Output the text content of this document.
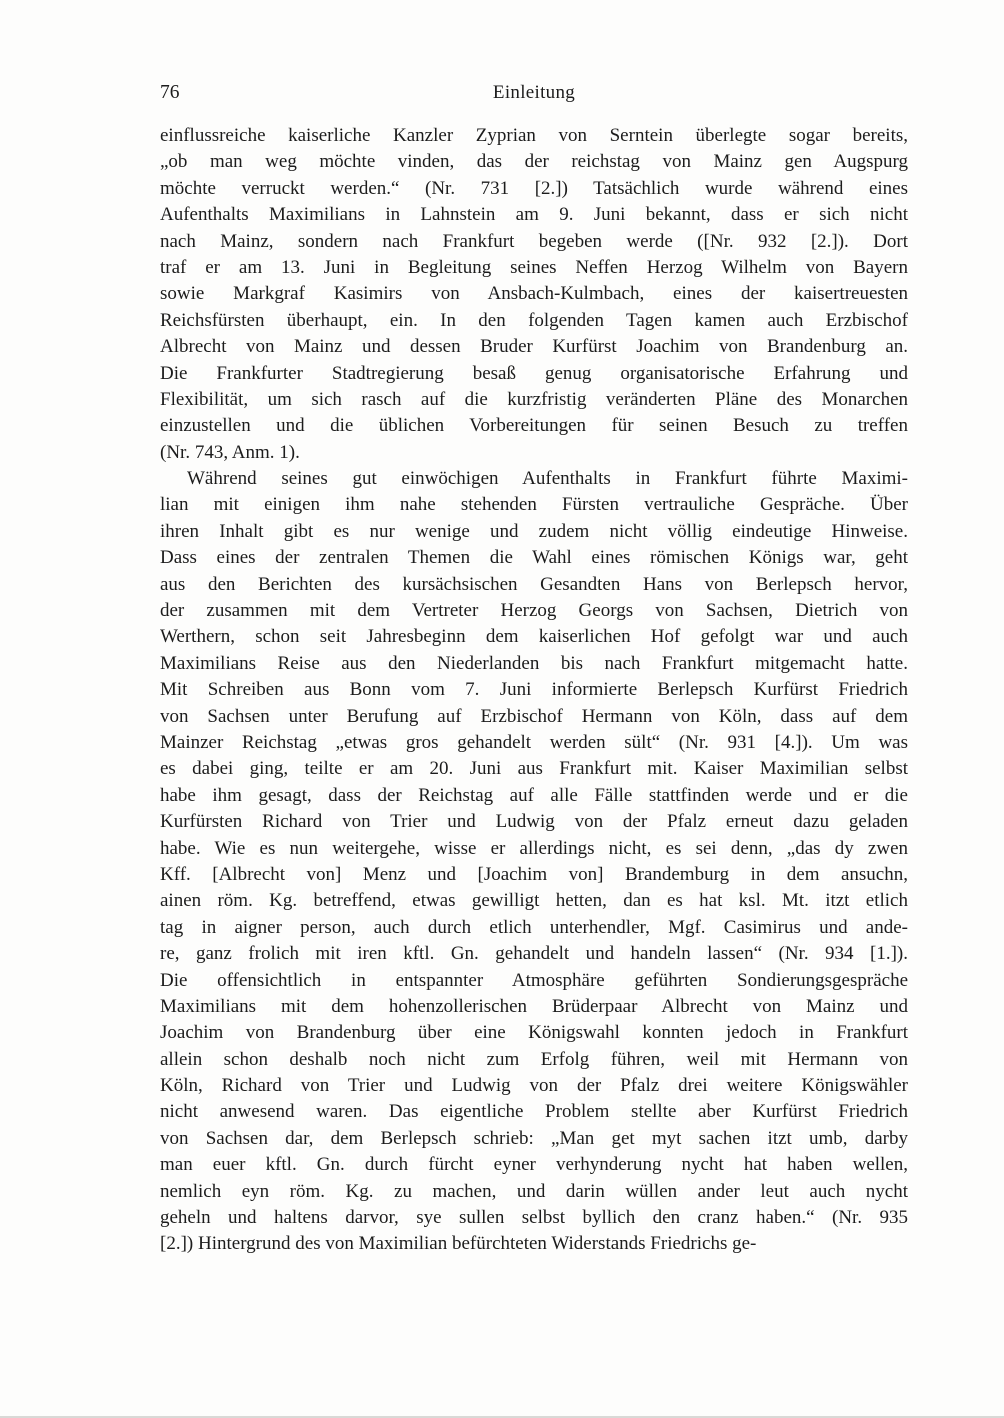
76	Einleitung
einflussreiche kaiserliche Kanzler Zyprian von Serntein überlegte sogar bereits,
„ob man weg möchte vinden, das der reichstag von Mainz gen Augspurg
möchte verruckt werden.“ (Nr. 731 [2.]) Tatsächlich wurde während eines
Aufenthalts Maximilians in Lahnstein am 9. Juni bekannt, dass er sich nicht
nach Mainz, sondern nach Frankfurt begeben werde ([Nr. 932 [2.]). Dort
traf er am 13. Juni in Begleitung seines Neffen Herzog Wilhelm von Bayern
sowie Markgraf Kasimirs von Ansbach-Kulmbach, eines der kaisertreuesten
Reichsfürsten überhaupt, ein. In den folgenden Tagen kamen auch Erzbischof
Albrecht von Mainz und dessen Bruder Kurfürst Joachim von Brandenburg an.
Die Frankfurter Stadtregierung besaß genug organisatorische Erfahrung und
Flexibilität, um sich rasch auf die kurzfristig veränderten Pläne des Monarchen
einzustellen und die üblichen Vorbereitungen für seinen Besuch zu treffen
(Nr. 743, Anm. 1).
Während seines gut einwöchigen Aufenthalts in Frankfurt führte Maximi-
lian mit einigen ihm nahe stehenden Fürsten vertrauliche Gespräche. Über
ihren Inhalt gibt es nur wenige und zudem nicht völlig eindeutige Hinweise.
Dass eines der zentralen Themen die Wahl eines römischen Königs war, geht
aus den Berichten des kursächsischen Gesandten Hans von Berlepsch hervor,
der zusammen mit dem Vertreter Herzog Georgs von Sachsen, Dietrich von
Werthern, schon seit Jahresbeginn dem kaiserlichen Hof gefolgt war und auch
Maximilians Reise aus den Niederlanden bis nach Frankfurt mitgemacht hatte.
Mit Schreiben aus Bonn vom 7. Juni informierte Berlepsch Kurfürst Friedrich
von Sachsen unter Berufung auf Erzbischof Hermann von Köln, dass auf dem
Mainzer Reichstag „etwas gros gehandelt werden sült“ (Nr. 931 [4.]). Um was
es dabei ging, teilte er am 20. Juni aus Frankfurt mit. Kaiser Maximilian selbst
habe ihm gesagt, dass der Reichstag auf alle Fälle stattfinden werde und er die
Kurfürsten Richard von Trier und Ludwig von der Pfalz erneut dazu geladen
habe. Wie es nun weitergehe, wisse er allerdings nicht, es sei denn, „das dy zwen
Kff. [Albrecht von] Menz und [Joachim von] Brandemburg in dem ansuchn,
ainen röm. Kg. betreffend, etwas gewilligt hetten, dan es hat ksl. Mt. itzt etlich
tag in aigner person, auch durch etlich unterhendler, Mgf. Casimirus und ande-
re, ganz frolich mit iren kftl. Gn. gehandelt und handeln lassen“ (Nr. 934 [1.]).
Die offensichtlich in entspannter Atmosphäre geführten Sondierungsgespräche
Maximilians mit dem hohenzollerischen Brüderpaar Albrecht von Mainz und
Joachim von Brandenburg über eine Königswahl konnten jedoch in Frankfurt
allein schon deshalb noch nicht zum Erfolg führen, weil mit Hermann von
Köln, Richard von Trier und Ludwig von der Pfalz drei weitere Königswähler
nicht anwesend waren. Das eigentliche Problem stellte aber Kurfürst Friedrich
von Sachsen dar, dem Berlepsch schrieb: „Man get myt sachen itzt umb, darby
man euer kftl. Gn. durch fürcht eyner verhynderung nycht hat haben wellen,
nemlich eyn röm. Kg. zu machen, und darin wüllen ander leut auch nycht
geheln und haltens darvor, sye sullen selbst byllich den cranz haben.“ (Nr. 935
[2.]) Hintergrund des von Maximilian befürchteten Widerstands Friedrichs ge-
